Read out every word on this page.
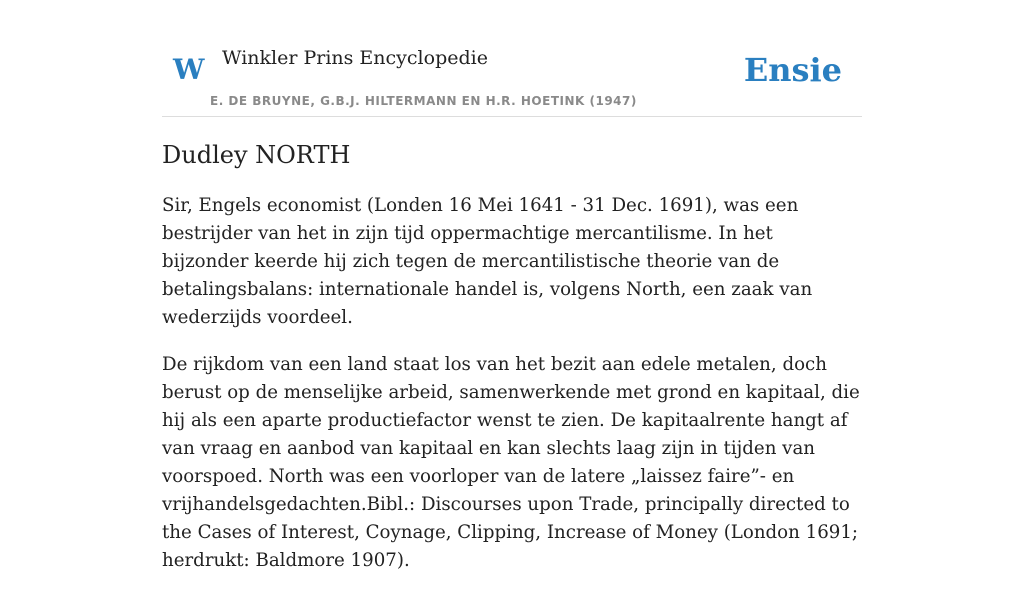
W Winkler Prins Encyclopedie
E. DE BRUYNE, G.B.J. HILTERMANN EN H.R. HOETINK (1947)
Ensie
Dudley NORTH

Sir, Engels economist (Londen 16 Mei 1641 - 31 Dec. 1691), was een bestrijder van het in zijn tijd oppermachtige mercantilisme. In het bijzonder keerde hij zich tegen de mercantilistische theorie van de betalingsbalans: internationale handel is, volgens North, een zaak van wederzijds voordeel.

De rijkdom van een land staat los van het bezit aan edele metalen, doch berust op de menselijke arbeid, samenwerkende met grond en kapitaal, die hij als een aparte productiefactor wenst te zien. De kapitaalrente hangt af van vraag en aanbod van kapitaal en kan slechts laag zijn in tijden van voorspoed. North was een voorloper van de latere „laissez faire”- en vrijhandelsgedachten.Bibl.: Discourses upon Trade, principally directed to the Cases of Interest, Coynage, Clipping, Increase of Money (London 1691; herdrukt: Baldmore 1907).
